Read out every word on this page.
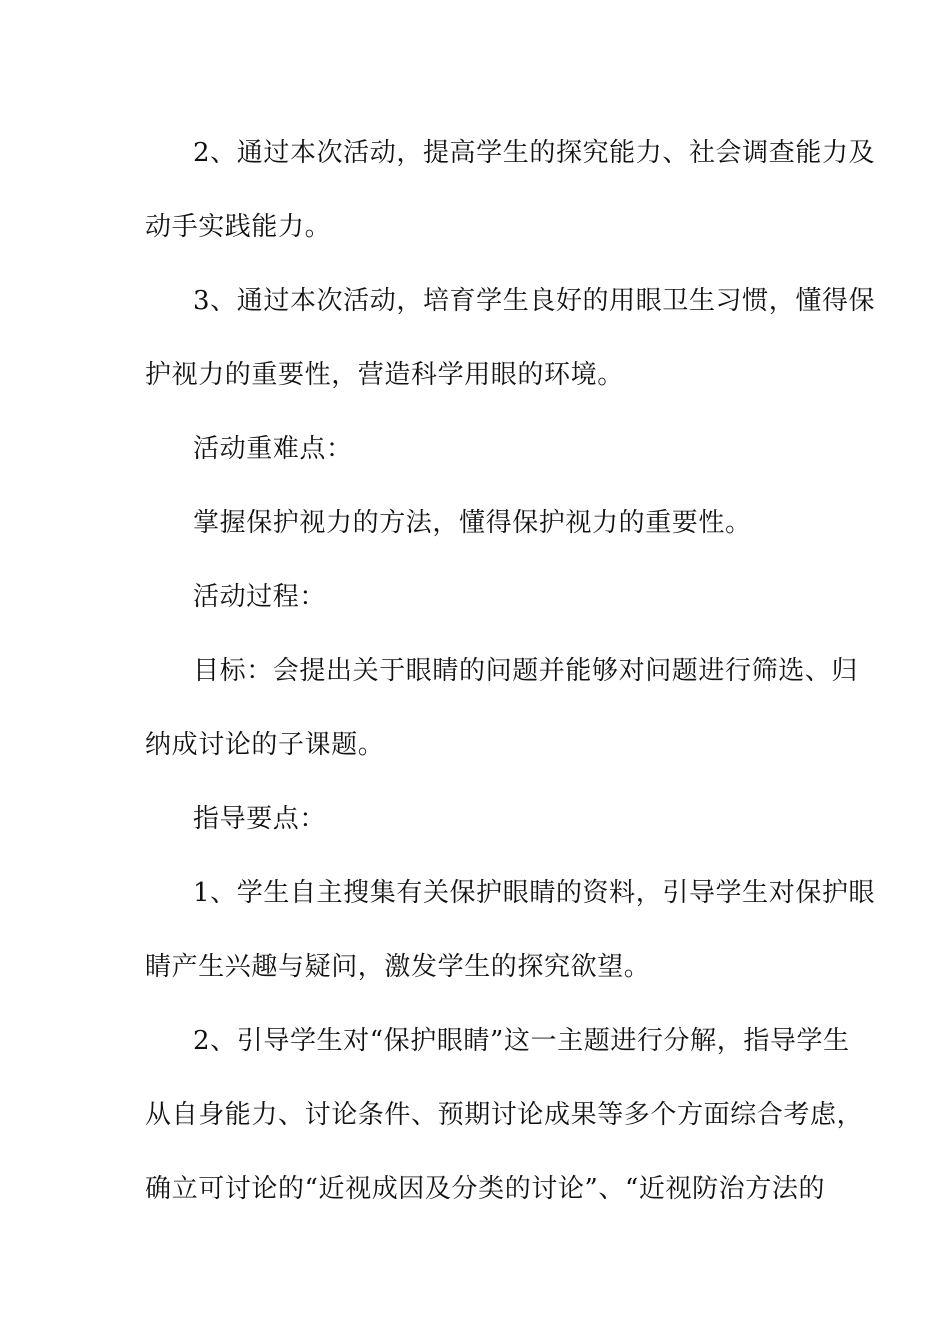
2、通过本次活动，提高学生的探究能力、社会调查能力及
动手实践能力。
3、通过本次活动，培育学生良好的用眼卫生习惯，懂得保
护视力的重要性，营造科学用眼的环境。
活动重难点：
掌握保护视力的方法，懂得保护视力的重要性。
活动过程：
目标：会提出关于眼睛的问题并能够对问题进行筛选、归
纳成讨论的子课题。
指导要点：
1、学生自主搜集有关保护眼睛的资料，引导学生对保护眼
睛产生兴趣与疑问，激发学生的探究欲望。
2、引导学生对“保护眼睛”这一主题进行分解，指导学生
从自身能力、讨论条件、预期讨论成果等多个方面综合考虑，
确立可讨论的“近视成因及分类的讨论”、“近视防治方法的
